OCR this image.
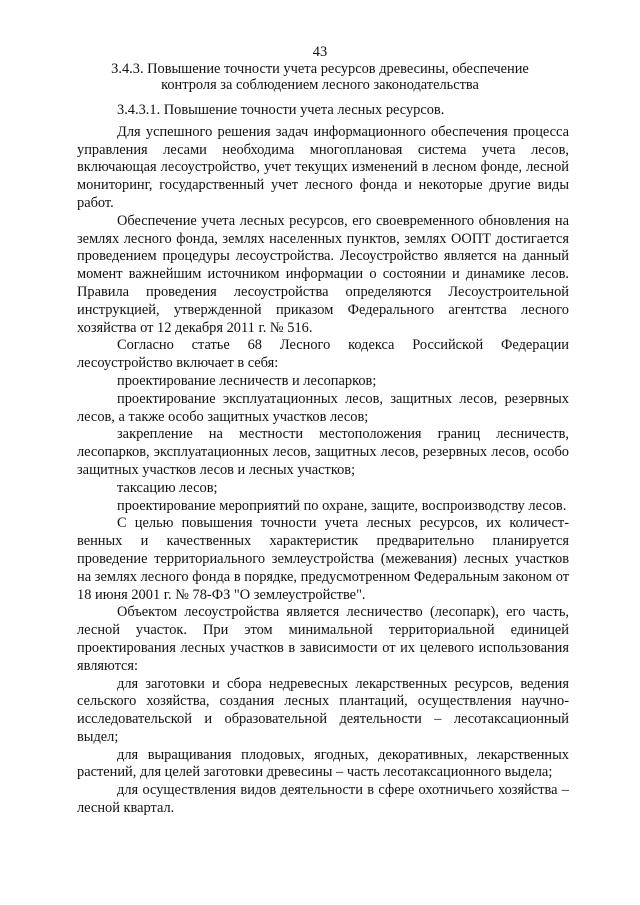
43
3.4.3. Повышение точности учета ресурсов древесины, обеспечение
контроля за соблюдением лесного законодательства

3.4.3.1. Повышение точности учета лесных ресурсов.

Для успешного решения задач информационного обеспечения процесса управления лесами необходима многоплановая система учета лесов, включающая лесоустройство, учет текущих изменений в лесном фонде, лесной мониторинг, государственный учет лесного фонда и некоторые другие виды работ.

Обеспечение учета лесных ресурсов, его своевременного обновления на землях лесного фонда, землях населенных пунктов, землях ООПТ достигается проведением процедуры лесоустройства. Лесоустройство является на данный момент важнейшим источником информации о состоянии и динамике лесов. Правила проведения лесоустройства определяются Лесоустроительной инструкцией, утвержденной приказом Федерального агентства лесного хозяйства от 12 декабря 2011 г. № 516.

Согласно статье 68 Лесного кодекса Российской Федерации лесоустройство включает в себя:

проектирование лесничеств и лесопарков;

проектирование эксплуатационных лесов, защитных лесов, резервных лесов, а также особо защитных участков лесов;

закрепление на местности местоположения границ лесничеств, лесопарков, эксплуатационных лесов, защитных лесов, резервных лесов, особо защитных участков лесов и лесных участков;

таксацию лесов;

проектирование мероприятий по охране, защите, воспроизводству лесов.

С целью повышения точности учета лесных ресурсов, их количественных и качественных характеристик предварительно планируется проведение территориального землеустройства (межевания) лесных участков на землях лесного фонда в порядке, предусмотренном Федеральным законом от 18 июня 2001 г. № 78-ФЗ "О землеустройстве".

Объектом лесоустройства является лесничество (лесопарк), его часть, лесной участок. При этом минимальной территориальной единицей проектирования лесных участков в зависимости от их целевого использования являются:

для заготовки и сбора недревесных лекарственных ресурсов, ведения сельского хозяйства, создания лесных плантаций, осуществления научно-исследовательской и образовательной деятельности – лесотаксационный выдел;

для выращивания плодовых, ягодных, декоративных, лекарственных растений, для целей заготовки древесины – часть лесотаксационного выдела;

для осуществления видов деятельности в сфере охотничьего хозяйства – лесной квартал.
